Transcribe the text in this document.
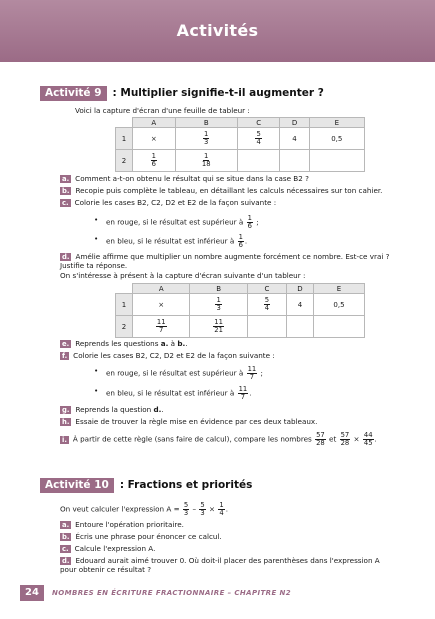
Activités
Activité 9	: Multiplier signifie-t-il augmenter ?
Voici la capture d'écran d'une feuille de tableur :
	A	B	C	D	E
1	×	$\frac{1}{3}$	$\frac{5}{4}$	4	0,5
2	$\frac{1}{6}$	$\frac{1}{18}$

a. Comment a-t-on obtenu le résultat qui se situe dans la case B2 ?
b. Recopie puis complète le tableau, en détaillant les calculs nécessaires sur ton cahier.
c. Colorie les cases B2, C2, D2 et E2 de la façon suivante :
• en rouge, si le résultat est supérieur à $\frac{1}{6}$ ;
• en bleu, si le résultat est inférieur à $\frac{1}{6}$ .
d. Amélie affirme que multiplier un nombre augmente forcément ce nombre. Est-ce vrai ?
Justifie ta réponse.
On s'intéresse à présent à la capture d'écran suivante d'un tableur :
	A	B	C	D	E
1	×	$\frac{1}{3}$	$\frac{5}{4}$	4	0,5
2	$\frac{11}{7}$	$\frac{11}{21}$

e. Reprends les questions a. à b..
f. Colorie les cases B2, C2, D2 et E2 de la façon suivante :
• en rouge, si le résultat est supérieur à $\frac{11}{7}$ ;
• en bleu, si le résultat est inférieur à $\frac{11}{7}$ .
g. Reprends la question d..
h. Essaie de trouver la règle mise en évidence par ces deux tableaux.
i. À partir de cette règle (sans faire de calcul), compare les nombres $\frac{57}{28}$ et $\frac{57}{28} \times \frac{44}{45}$ .
Activité 10	: Fractions et priorités
On veut calculer l'expression $A = \frac{5}{3} - \frac{5}{3} \times \frac{1}{4}$ .
a. Entoure l'opération prioritaire.
b. Écris une phrase pour énoncer ce calcul.
c. Calcule l'expression A.
d. Edouard aurait aimé trouver 0. Où doit-il placer des parenthèses dans l'expression A
pour obtenir ce résultat ?
24	NOMBRES EN ÉCRITURE FRACTIONNAIRE – CHAPITRE N2
